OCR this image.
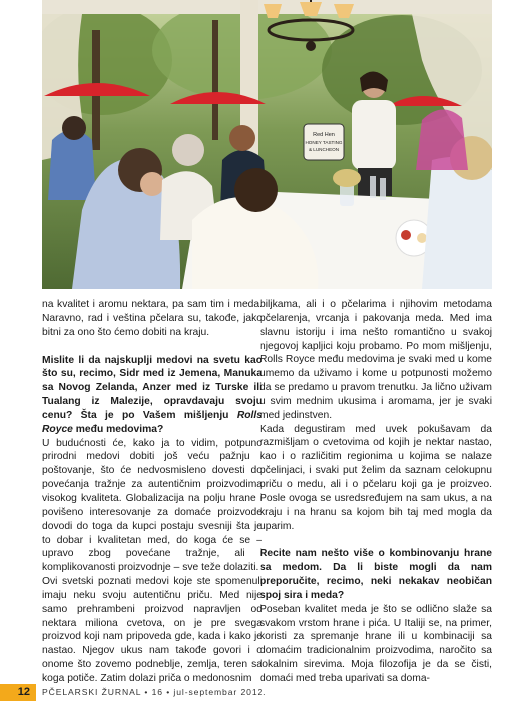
Red Hen
HONEY TASTING
& LUNCHEON

na kvalitet i aromu nektara, pa sam tim i meda. Naravno, rad i veština pčelara su, takođe, jako bitni za ono što ćemo dobiti na kraju.

Mislite li da najskuplji medovi na svetu kao što su, recimo, Sidr med iz Jemena, Manuka sa Novog Zelanda, Anzer med iz Turske ili Tualang iz Malezije, opravdavaju svoju cenu? Šta je po Vašem mišljenju Rolls Royce među medovima?

U budućnosti će, kako ja to vidim, potpuno prirodni medovi dobiti još veću pažnju i poštovanje, što će nedvosmisleno dovesti do povećanja tražnje za autentičnim proizvodima visokog kvaliteta. Globalizacija na polju hrane i povišeno interesovanje za domaće proizvode dovodi do toga da kupci postaju svesniji šta je to dobar i kvalitetan med, do koga će se – upravo zbog povećane tražnje, ali i komplikovanosti proizvodnje – sve teže dolaziti.

Ovi svetski poznati medovi koje ste spomenuli imaju neku svoju autentičnu priču. Med nije samo prehrambeni proizvod napravljen od nektara miliona cvetova, on je pre svega proizvod koji nam pripoveda gde, kada i kako je nastao. Njegov ukus nam takođe govori i o onome što zovemo podneblje, zemlja, teren sa koga potiče. Zatim dolazi priča o medonosnim

biljkama, ali i o pčelarima i njihovim metodama pčelarenja, vrcanja i pakovanja meda. Med ima slavnu istoriju i ima nešto romantično u svakoj njegovoj kapljici koju probamo. Po mom mišljenju, Rolls Royce među medovima je svaki med u kome umemo da uživamo i kome u potpunosti možemo da se predamo u pravom trenutku. Ja lično uživam u svim mednim ukusima i aromama, jer je svaki med jedinstven.

Kada degustiram med uvek pokušavam da razmišljam o cvetovima od kojih je nektar nastao, kao i o različitim regionima u kojima se nalaze pčelinjaci, i svaki put želim da saznam celokupnu priču o medu, ali i o pčelaru koji ga je proizveo. Posle ovoga se usredsređujem na sam ukus, a na kraju i na hranu sa kojom bih taj med mogla da uparim.

Recite nam nešto više o kombinovanju hrane sa medom. Da li biste mogli da nam preporučite, recimo, neki nekakav neobičan spoj sira i meda?

Poseban kvalitet meda je što se odlično slaže sa svakom vrstom hrane i pića. U Italiji se, na primer, koristi za spremanje hrane ili u kombinaciji sa domaćim tradicionalnim proizvodima, naročito sa lokalnim sirevima. Moja filozofija je da se čisti, domaći med treba uparivati sa doma-

12	PČELARSKI ŽURNAL • 16 • jul-septembar 2012.
